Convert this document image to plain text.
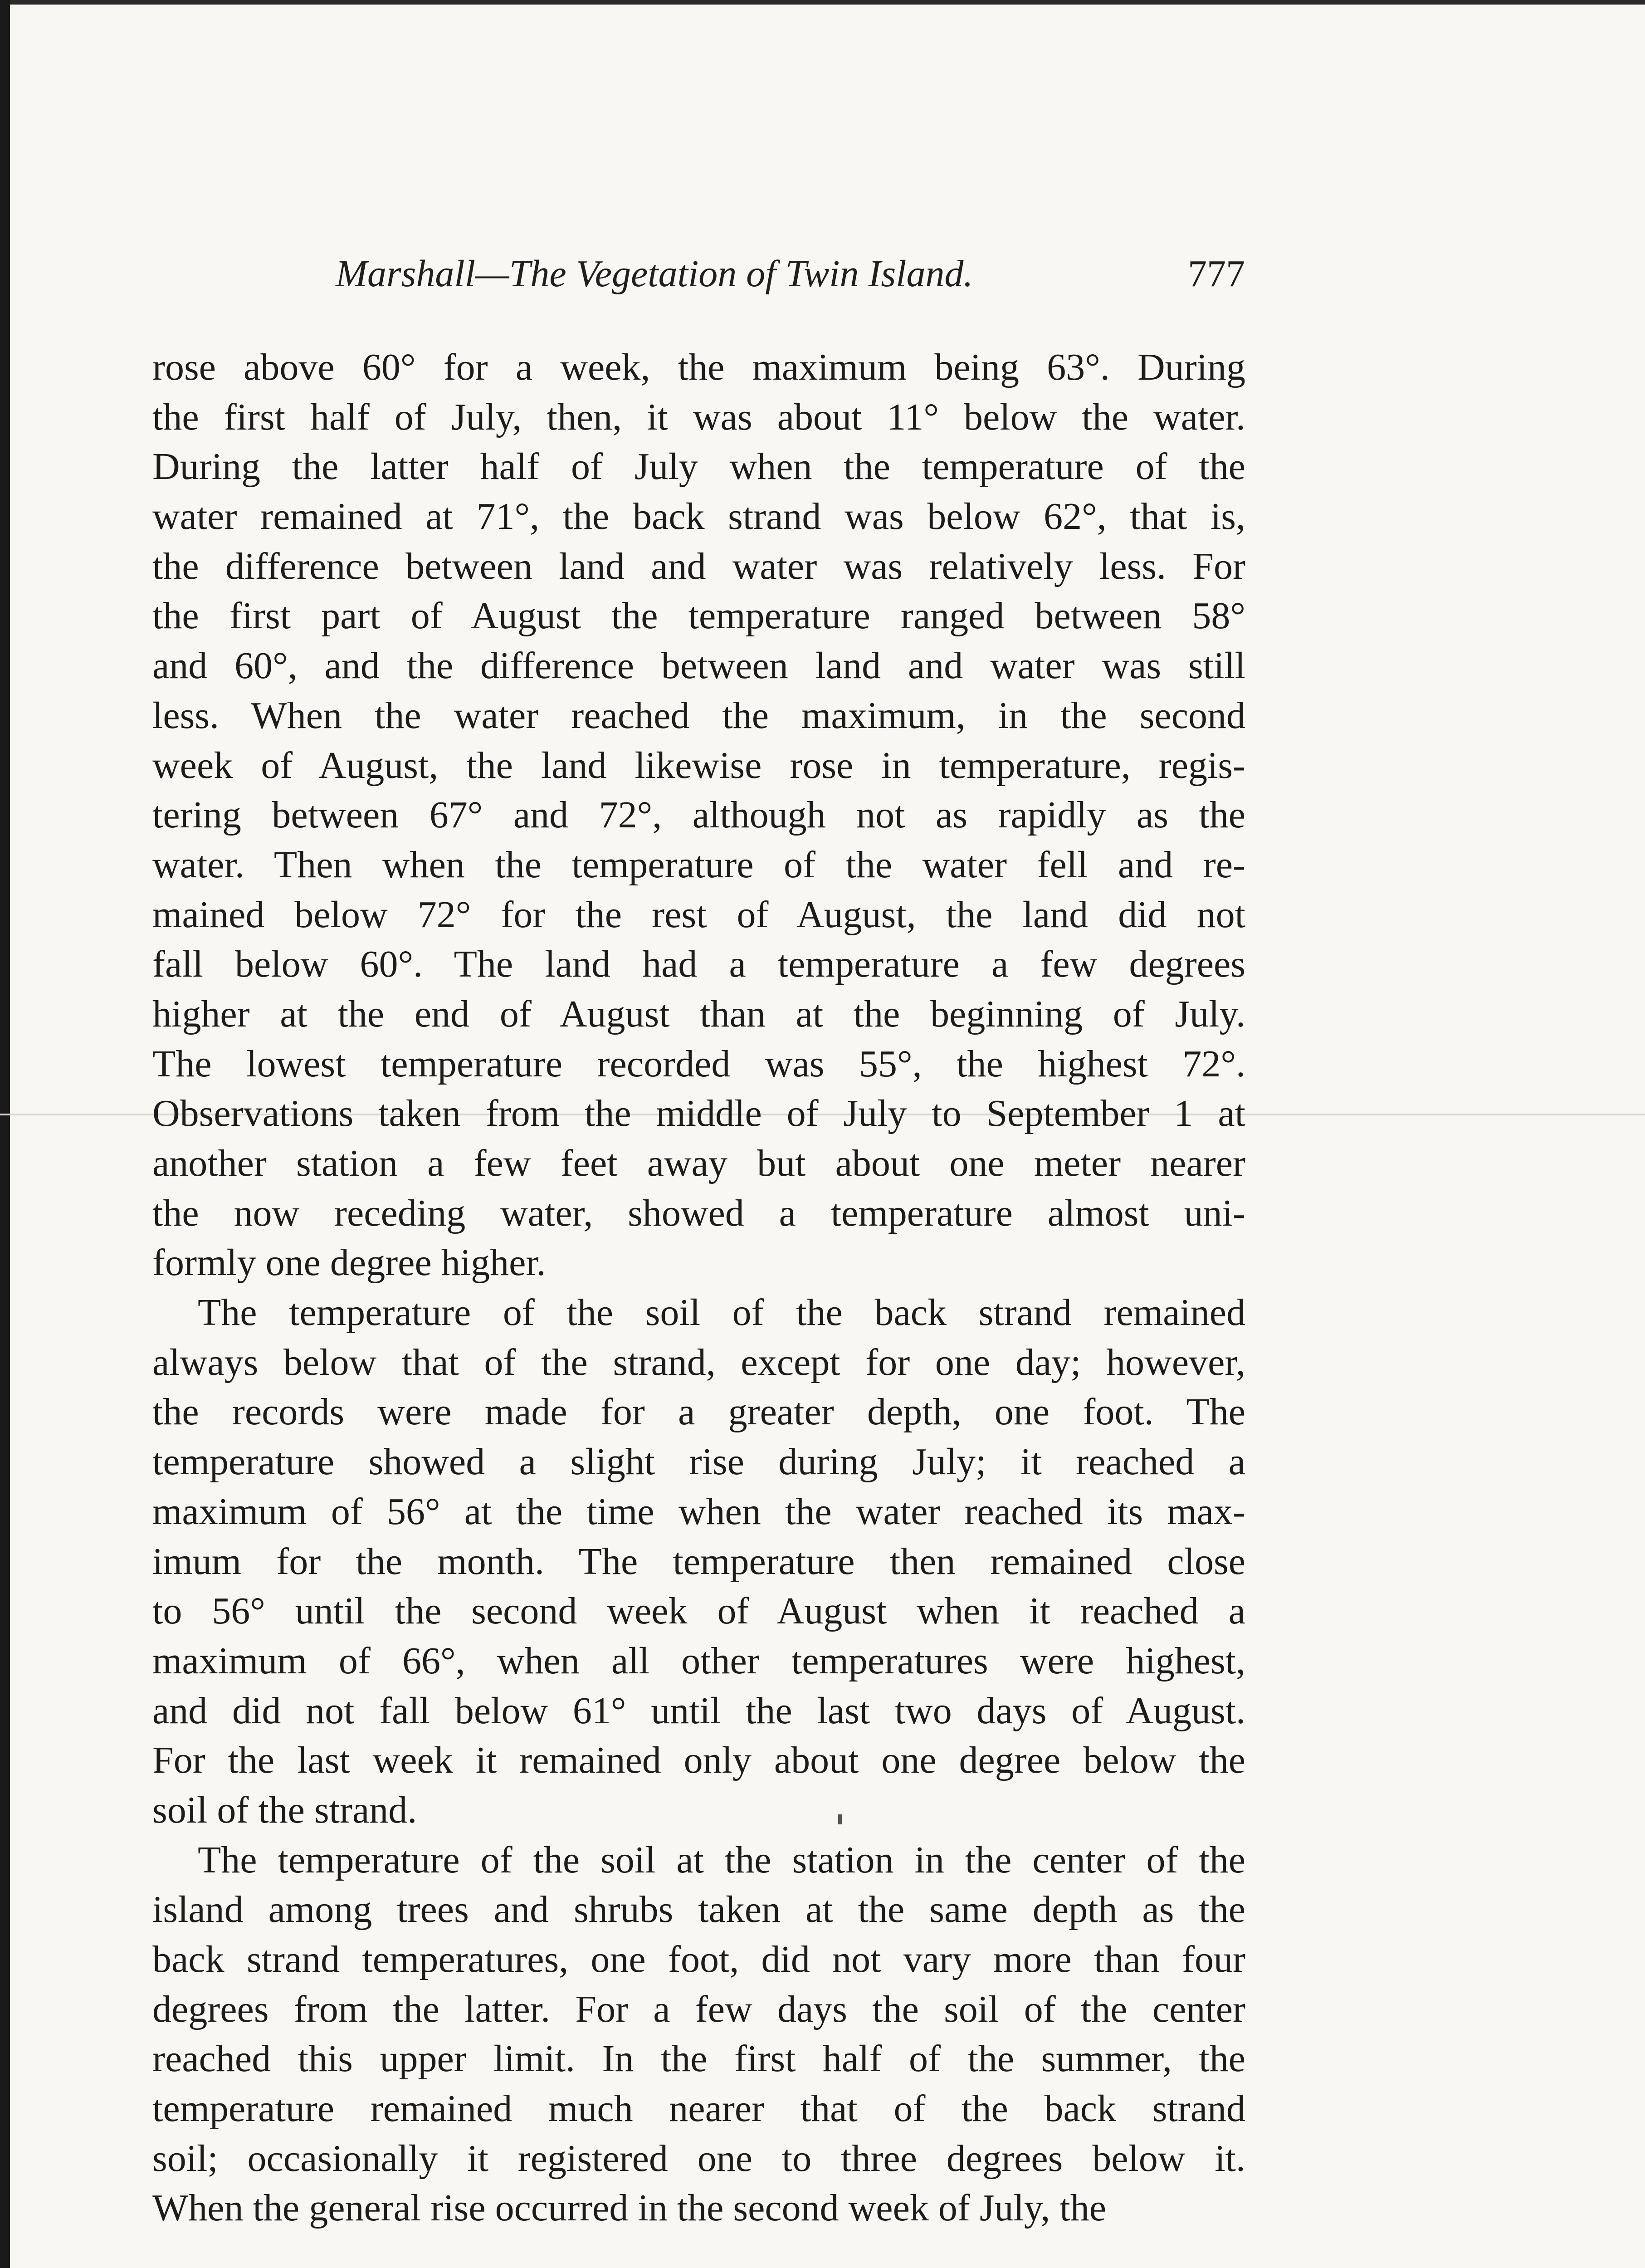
Marshall—The Vegetation of Twin Island.	777
rose above 60° for a week, the maximum being 63°. During
the first half of July, then, it was about 11° below the water.
During the latter half of July when the temperature of the
water remained at 71°, the back strand was below 62°, that is,
the difference between land and water was relatively less. For
the first part of August the temperature ranged between 58°
and 60°, and the difference between land and water was still
less. When the water reached the maximum, in the second
week of August, the land likewise rose in temperature, regis-
tering between 67° and 72°, although not as rapidly as the
water. Then when the temperature of the water fell and re-
mained below 72° for the rest of August, the land did not
fall below 60°. The land had a temperature a few degrees
higher at the end of August than at the beginning of July.
The lowest temperature recorded was 55°, the highest 72°.
Observations taken from the middle of July to September 1 at
another station a few feet away but about one meter nearer
the now receding water, showed a temperature almost uni-
formly one degree higher.
The temperature of the soil of the back strand remained
always below that of the strand, except for one day; however,
the records were made for a greater depth, one foot. The
temperature showed a slight rise during July; it reached a
maximum of 56° at the time when the water reached its max-
imum for the month. The temperature then remained close
to 56° until the second week of August when it reached a
maximum of 66°, when all other temperatures were highest,
and did not fall below 61° until the last two days of August.
For the last week it remained only about one degree below the
soil of the strand.
The temperature of the soil at the station in the center of the
island among trees and shrubs taken at the same depth as the
back strand temperatures, one foot, did not vary more than four
degrees from the latter. For a few days the soil of the center
reached this upper limit. In the first half of the summer, the
temperature remained much nearer that of the back strand
soil; occasionally it registered one to three degrees below it.
When the general rise occurred in the second week of July, the
